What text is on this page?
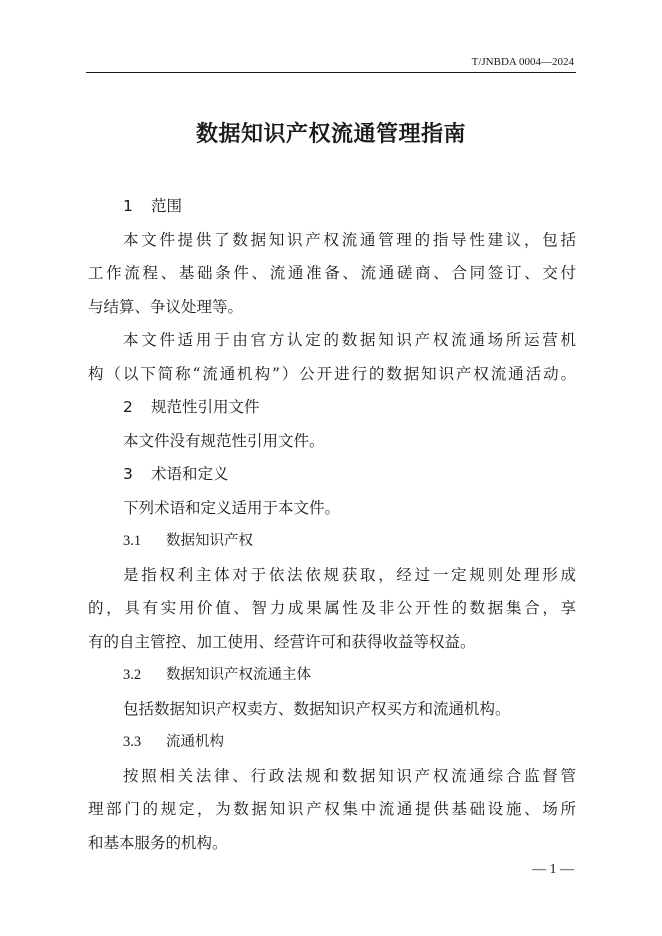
T/JNBDA 0004—2024
数据知识产权流通管理指南
1 范围
本文件提供了数据知识产权流通管理的指导性建议，包括
工作流程、基础条件、流通准备、流通磋商、合同签订、交付
与结算、争议处理等。
本文件适用于由官方认定的数据知识产权流通场所运营机
构（以下简称“流通机构”）公开进行的数据知识产权流通活动。
2 规范性引用文件
本文件没有规范性引用文件。
3 术语和定义
下列术语和定义适用于本文件。
3.1 数据知识产权
是指权利主体对于依法依规获取，经过一定规则处理形成
的，具有实用价值、智力成果属性及非公开性的数据集合，享
有的自主管控、加工使用、经营许可和获得收益等权益。
3.2 数据知识产权流通主体
包括数据知识产权卖方、数据知识产权买方和流通机构。
3.3 流通机构
按照相关法律、行政法规和数据知识产权流通综合监督管
理部门的规定，为数据知识产权集中流通提供基础设施、场所
和基本服务的机构。
— 1 —
